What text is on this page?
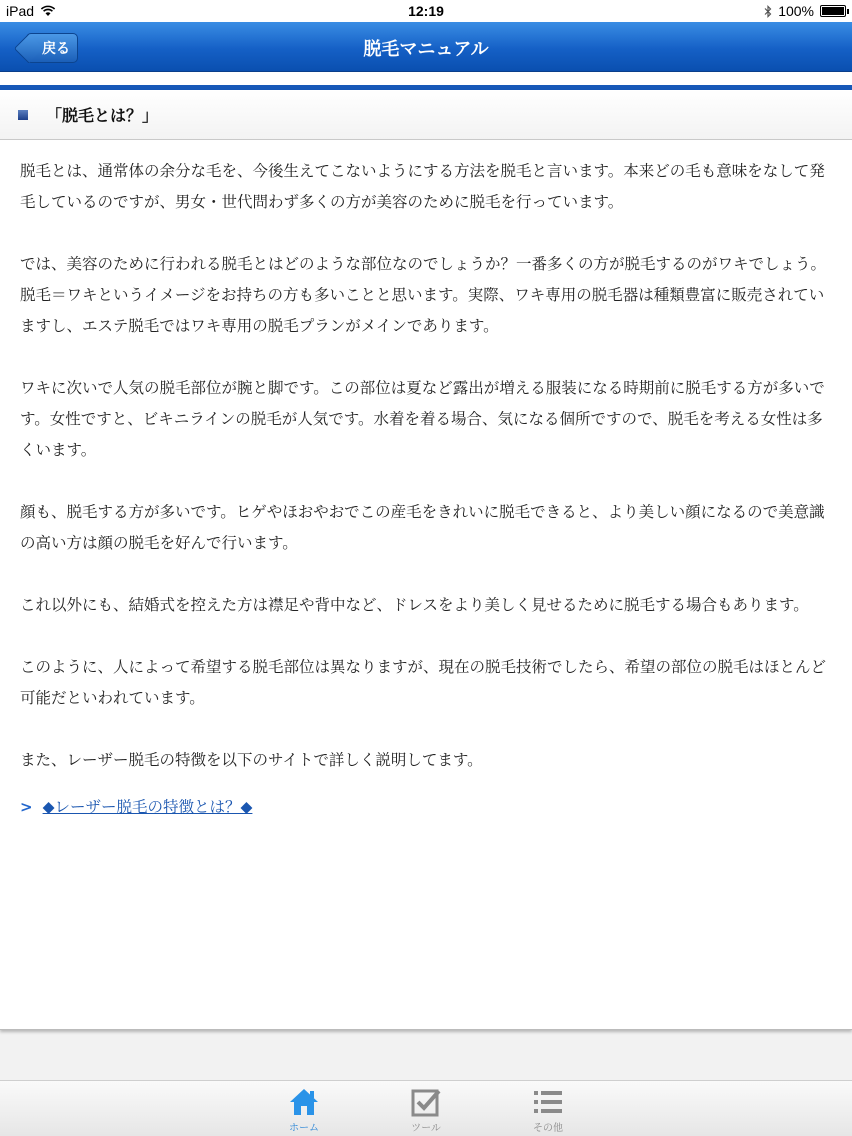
iPad	12:19	100%
戻る	脱毛マニュアル
「脱毛とは？」

脱毛とは、通常体の余分な毛を、今後生えてこないようにする方法を脱毛と言います。本来どの毛も意味をなして発毛しているのですが、男女・世代問わず多くの方が美容のために脱毛を行っています。

では、美容のために行われる脱毛とはどのような部位なのでしょうか？一番多くの方が脱毛するのがワキでしょう。脱毛＝ワキというイメージをお持ちの方も多いことと思います。実際、ワキ専用の脱毛器は種類豊富に販売されていますし、エステ脱毛ではワキ専用の脱毛プランがメインであります。

ワキに次いで人気の脱毛部位が腕と脚です。この部位は夏など露出が増える服装になる時期前に脱毛する方が多いです。女性ですと、ビキニラインの脱毛が人気です。水着を着る場合、気になる個所ですので、脱毛を考える女性は多くいます。

顔も、脱毛する方が多いです。ヒゲやほおやおでこの産毛をきれいに脱毛できると、より美しい顔になるので美意識の高い方は顔の脱毛を好んで行います。

これ以外にも、結婚式を控えた方は襟足や背中など、ドレスをより美しく見せるために脱毛する場合もあります。

このように、人によって希望する脱毛部位は異なりますが、現在の脱毛技術でしたら、希望の部位の脱毛はほとんど可能だといわれています。

また、レーザー脱毛の特徴を以下のサイトで詳しく説明してます。

> ◆レーザー脱毛の特徴とは？◆
ホーム	ツール	その他
